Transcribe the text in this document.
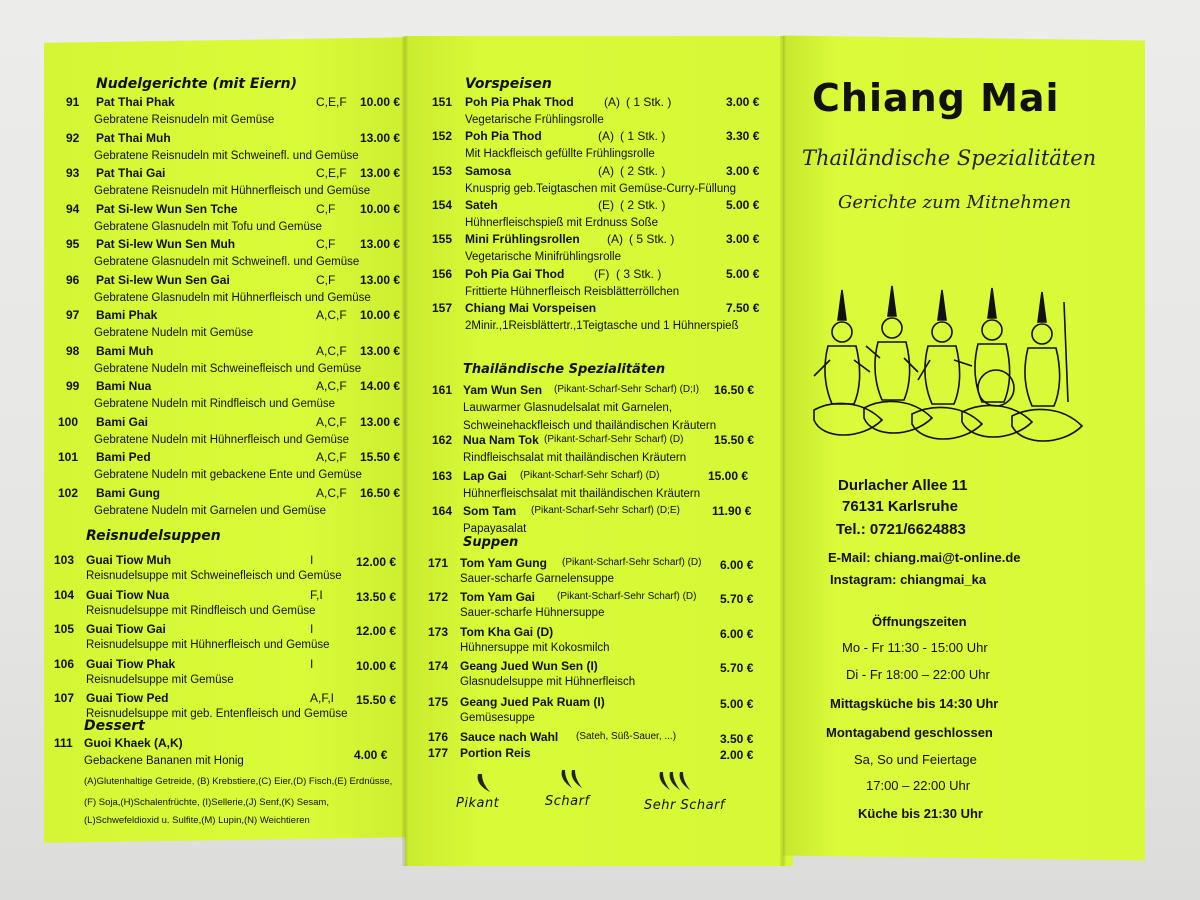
Nudelgerichte (mit Eiern)
91 Pat Thai Phak	C,E,F 10.00 €
Gebratene Reisnudeln mit Gemüse
92 Pat Thai Muh	13.00 €
Gebratene Reisnudeln mit Schweinefl. und Gemüse
93 Pat Thai Gai	C,E,F 13.00 €
Gebratene Reisnudeln mit Hühnerfleisch und Gemüse
94 Pat Si-lew Wun Sen Tche	C,F 10.00 €
Gebratene Glasnudeln mit Tofu und Gemüse
95 Pat Si-lew Wun Sen Muh	C,F 13.00 €
Gebratene Glasnudeln mit Schweinefl. und Gemüse
96 Pat Si-lew Wun Sen Gai	C,F 13.00 €
Gebratene Glasnudeln mit Hühnerfleisch und Gemüse
97 Bami Phak	A,C,F 10.00 €
Gebratene Nudeln mit Gemüse
98 Bami Muh	A,C,F 13.00 €
Gebratene Nudeln mit Schweinefleisch und Gemüse
99 Bami Nua	A,C,F 14.00 €
Gebratene Nudeln mit Rindfleisch und Gemüse
100 Bami Gai	A,C,F 13.00 €
Gebratene Nudeln mit Hühnerfleisch und Gemüse
101 Bami Ped	A,C,F 15.50 €
Gebratene Nudeln mit gebackene Ente und Gemüse
102 Bami Gung	A,C,F 16.50 €
Gebratene Nudeln mit Garnelen und Gemüse
Reisnudelsuppen
103 Guai Tiow Muh	I	12.00 €
Reisnudelsuppe mit Schweinefleisch und Gemüse
104 Guai Tiow Nua	F,I	13.50 €
Reisnudelsuppe mit Rindfleisch und Gemüse
105 Guai Tiow Gai	I	12.00 €
Reisnudelsuppe mit Hühnerfleisch und Gemüse
106 Guai Tiow Phak	I	10.00 €
Reisnudelsuppe mit Gemüse
107 Guai Tiow Ped	A,F,I 15.50 €
Reisnudelsuppe mit geb. Entenfleisch und Gemüse
Dessert
111 Guoi Khaek (A,K)
4.00 €
Gebackene Bananen mit Honig
(A)Glutenhaltige Getreide, (B) Krebstiere,(C) Eier,(D) Fisch,(E) Erdnüsse,
(F) Soja,(H)Schalenfrüchte, (I)Sellerie,(J) Senf,(K) Sesam,
(L)Schwefeldioxid u. Sulfite,(M) Lupin,(N) Weichtieren
Vorspeisen
151 Poh Pia Phak Thod	(A) ( 1 Stk. )	3.00 €
Vegetarische Frühlingsrolle
152 Poh Pia Thod	(A) ( 1 Stk. )	3.30 €
Mit Hackfleisch gefüllte Frühlingsrolle
153 Samosa	(A) ( 2 Stk. )	3.00 €
Knusprig geb.Teigtaschen mit Gemüse-Curry-Füllung
154 Sateh	(E) ( 2 Stk. )	5.00 €
Hühnerfleischspieß mit Erdnuss Soße
155 Mini Frühlingsrollen (A) ( 5 Stk. )	3.00 €
Vegetarische Minifrühlingsrolle
156 Poh Pia Gai Thod (F) ( 3 Stk. )	5.00 €
Frittierte Hühnerfleisch Reisblätterröllchen
157 Chiang Mai Vorspeisen	7.50 €
2Minir.,1Reisblättertr.,1Teigtasche und 1 Hühnerspieß
Thailändische Spezialitäten
161 Yam Wun Sen (Pikant-Scharf-Sehr Scharf) (D;I) 16.50 €
Lauwarmer Glasnudelsalat mit Garnelen,
Schweinehackfleisch und thailändischen Kräutern
162 Nua Nam Tok (Pikant-Scharf-Sehr Scharf) (D)	15.50 €
Rindfleischsalat mit thailändischen Kräutern
163 Lap Gai (Pikant-Scharf-Sehr Scharf) (D)	15.00 €
Hühnerfleischsalat mit thailändischen Kräutern
164 Som Tam (Pikant-Scharf-Sehr Scharf) (D;E)	11.90 €
Papayasalat
Suppen
171 Tom Yam Gung (Pikant-Scharf-Sehr Scharf) (D) 6.00 €
Sauer-scharfe Garnelensuppe
172 Tom Yam Gai (Pikant-Scharf-Sehr Scharf) (D) 5.70 €
Sauer-scharfe Hühnersuppe
173 Tom Kha Gai (D)	6.00 €
Hühnersuppe mit Kokosmilch
174 Geang Jued Wun Sen (I)	5.70 €
Glasnudelsuppe mit Hühnerfleisch
175 Geang Jued Pak Ruam (I)	5.00 €
Gemüsesuppe
176 Sauce nach Wahl (Sateh, Süß-Sauer, ...)	3.50 €
177 Portion Reis	2.00 €
Pikant	Scharf	Sehr Scharf
Chiang Mai
Thailändische Spezialitäten
Gerichte zum Mitnehmen
Durlacher Allee 11
76131 Karlsruhe
Tel.: 0721/6624883
E-Mail: chiang.mai@t-online.de
Instagram: chiangmai_ka
Öffnungszeiten
Mo - Fr 11:30 - 15:00 Uhr
Di - Fr 18:00 – 22:00 Uhr
Mittagsküche bis 14:30 Uhr
Montagabend geschlossen
Sa, So und Feiertage
17:00 – 22:00 Uhr
Küche bis 21:30 Uhr
